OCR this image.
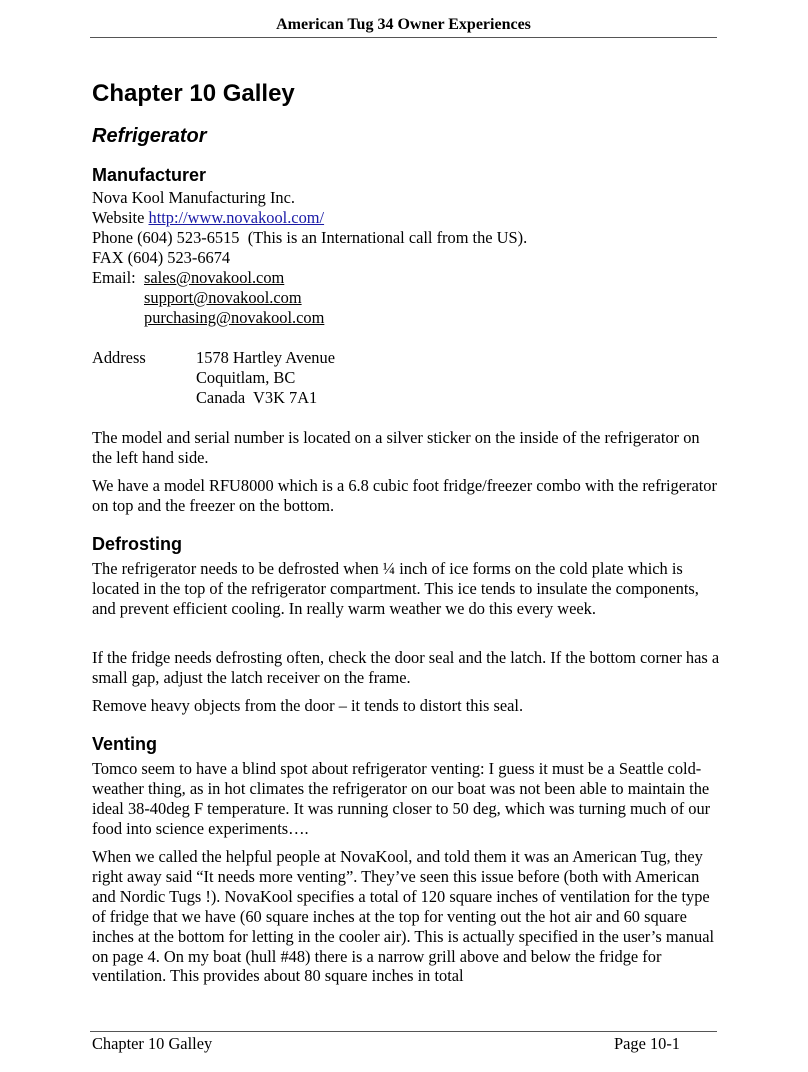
American Tug 34 Owner Experiences
Chapter 10 Galley
Refrigerator
Manufacturer
Nova Kool Manufacturing Inc.
Website http://www.novakool.com/
Phone (604) 523-6515  (This is an International call from the US).
FAX (604) 523-6674
Email: sales@novakool.com
support@novakool.com
purchasing@novakool.com
Address	1578 Hartley Avenue
Coquitlam, BC
Canada  V3K 7A1

The model and serial number is located on a silver sticker on the inside of the refrigerator on the left hand side.

We have a model RFU8000 which is a 6.8 cubic foot fridge/freezer combo with the refrigerator on top and the freezer on the bottom.

Defrosting

The refrigerator needs to be defrosted when ¼ inch of ice forms on the cold plate which is located in the top of the refrigerator compartment. This ice tends to insulate the components, and prevent efficient cooling. In really warm weather we do this every week.

If the fridge needs defrosting often, check the door seal and the latch. If the bottom corner has a small gap, adjust the latch receiver on the frame.

Remove heavy objects from the door – it tends to distort this seal.

Venting

Tomco seem to have a blind spot about refrigerator venting: I guess it must be a Seattle cold-weather thing, as in hot climates the refrigerator on our boat was not been able to maintain the ideal 38-40deg F temperature. It was running closer to 50 deg, which was turning much of our food into science experiments….

When we called the helpful people at NovaKool, and told them it was an American Tug, they right away said “It needs more venting”. They’ve seen this issue before (both with American and Nordic Tugs !). NovaKool specifies a total of 120 square inches of ventilation for the type of fridge that we have (60 square inches at the top for venting out the hot air and 60 square inches at the bottom for letting in the cooler air). This is actually specified in the user’s manual on page 4. On my boat (hull #48) there is a narrow grill above and below the fridge for ventilation. This provides about 80 square inches in total

Chapter 10 Galley	Page 10-1
